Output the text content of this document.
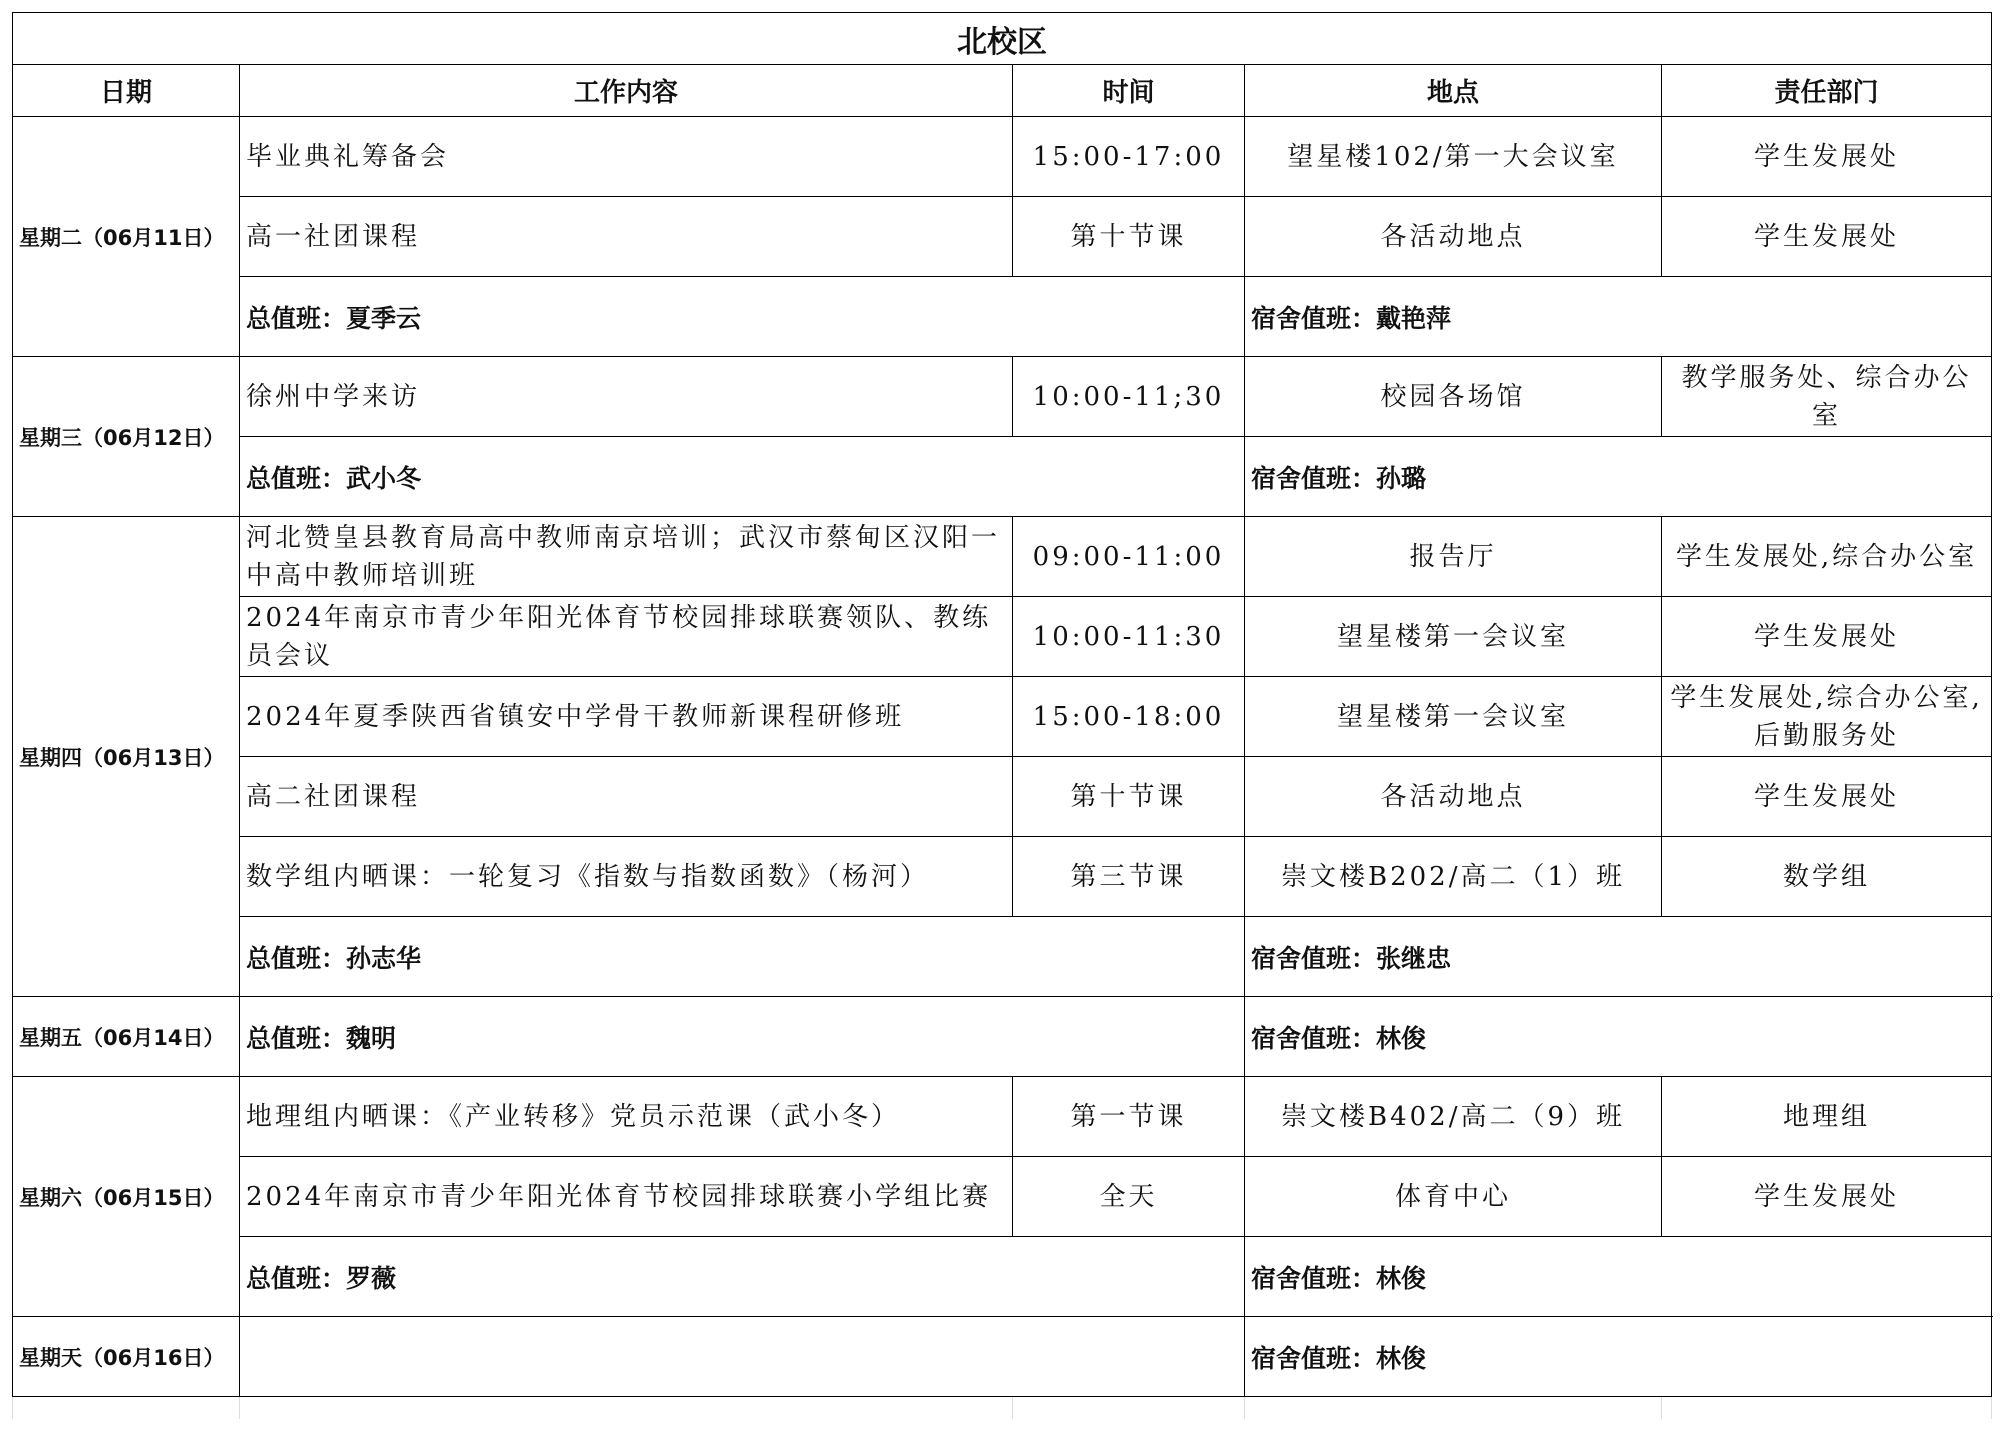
北校区				
日期	工作内容	时间	地点	责任部门
星期二（06月11日）	毕业典礼筹备会	15:00-17:00	望星楼102/第一大会议室	学生发展处
	高一社团课程	第十节课	各活动地点	学生发展处
	总值班：夏季云		宿舍值班：戴艳萍	
星期三（06月12日）	徐州中学来访	10:00-11;30	校园各场馆	教学服务处、综合办公室
	总值班：武小冬		宿舍值班：孙璐	
星期四（06月13日）	河北赞皇县教育局高中教师南京培训；武汉市蔡甸区汉阳一中高中教师培训班	09:00-11:00	报告厅	学生发展处,综合办公室
	2024年南京市青少年阳光体育节校园排球联赛领队、教练员会议	10:00-11:30	望星楼第一会议室	学生发展处
	2024年夏季陕西省镇安中学骨干教师新课程研修班	15:00-18:00	望星楼第一会议室	学生发展处,综合办公室,后勤服务处
	高二社团课程	第十节课	各活动地点	学生发展处
	数学组内晒课：一轮复习《指数与指数函数》（杨河）	第三节课	崇文楼B202/高二（1）班	数学组
	总值班：孙志华		宿舍值班：张继忠	
星期五（06月14日）	总值班：魏明		宿舍值班：林俊	
星期六（06月15日）	地理组内晒课：《产业转移》党员示范课（武小冬）	第一节课	崇文楼B402/高二（9）班	地理组
	2024年南京市青少年阳光体育节校园排球联赛小学组比赛	全天	体育中心	学生发展处
	总值班：罗薇		宿舍值班：林俊	
星期天（06月16日）			宿舍值班：林俊	
